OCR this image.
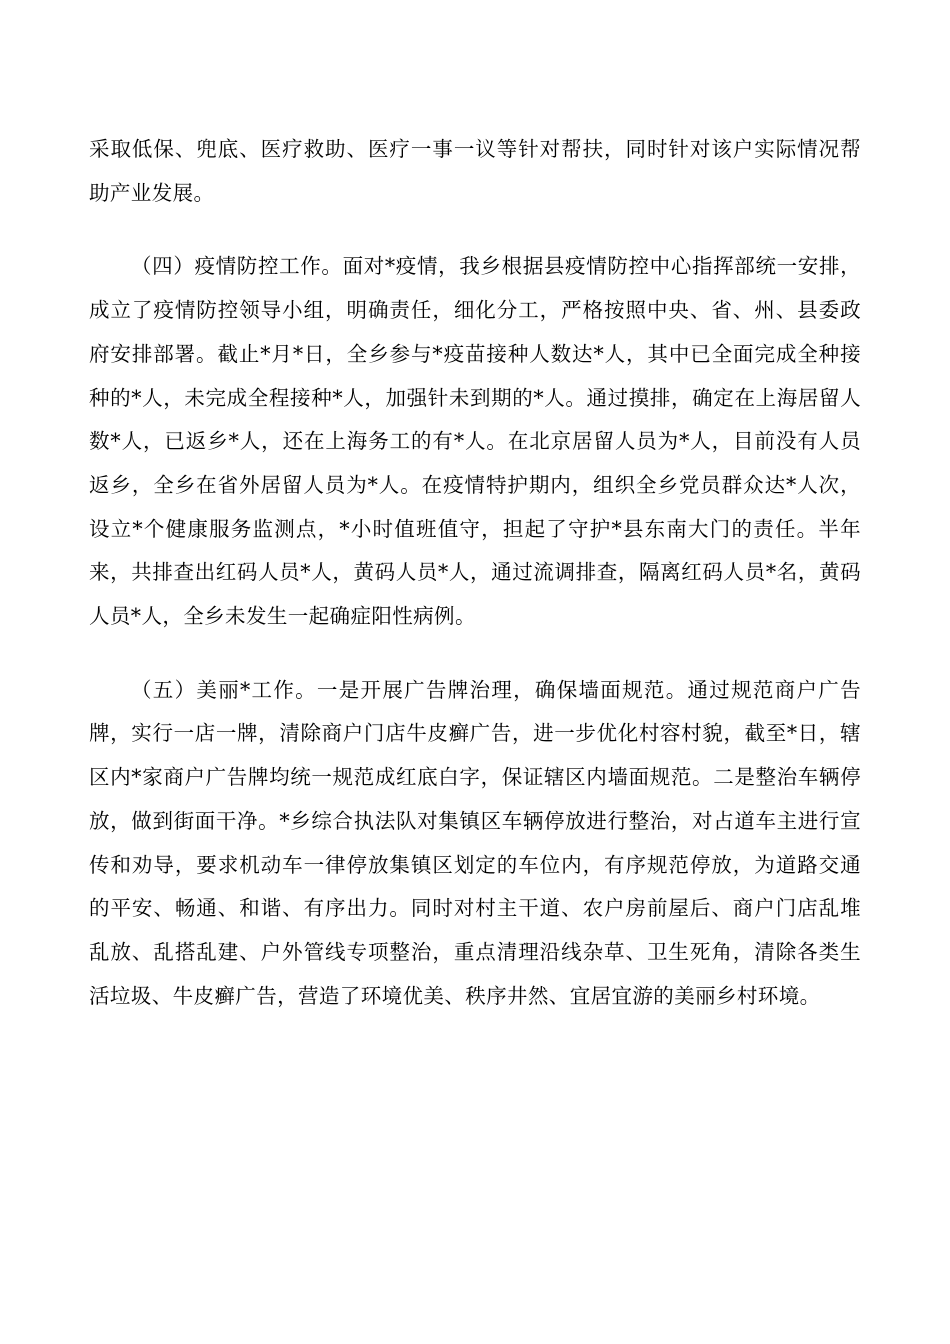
采取低保、兜底、医疗救助、医疗一事一议等针对帮扶，同时针对该户实际情况帮助产业发展。

（四）疫情防控工作。面对*疫情，我乡根据县疫情防控中心指挥部统一安排，成立了疫情防控领导小组，明确责任，细化分工，严格按照中央、省、州、县委政府安排部署。截止*月*日，全乡参与*疫苗接种人数达*人，其中已全面完成全种接种的*人，未完成全程接种*人，加强针未到期的*人。通过摸排，确定在上海居留人数*人，已返乡*人，还在上海务工的有*人。在北京居留人员为*人，目前没有人员返乡，全乡在省外居留人员为*人。在疫情特护期内，组织全乡党员群众达*人次，设立*个健康服务监测点，*小时值班值守，担起了守护*县东南大门的责任。半年来，共排查出红码人员*人，黄码人员*人，通过流调排查，隔离红码人员*名，黄码人员*人，全乡未发生一起确症阳性病例。

（五）美丽*工作。一是开展广告牌治理，确保墙面规范。通过规范商户广告牌，实行一店一牌，清除商户门店牛皮癣广告，进一步优化村容村貌，截至*日，辖区内*家商户广告牌均统一规范成红底白字，保证辖区内墙面规范。二是整治车辆停放，做到街面干净。*乡综合执法队对集镇区车辆停放进行整治，对占道车主进行宣传和劝导，要求机动车一律停放集镇区划定的车位内，有序规范停放，为道路交通的平安、畅通、和谐、有序出力。同时对村主干道、农户房前屋后、商户门店乱堆乱放、乱搭乱建、户外管线专项整治，重点清理沿线杂草、卫生死角，清除各类生活垃圾、牛皮癣广告，营造了环境优美、秩序井然、宜居宜游的美丽乡村环境。
